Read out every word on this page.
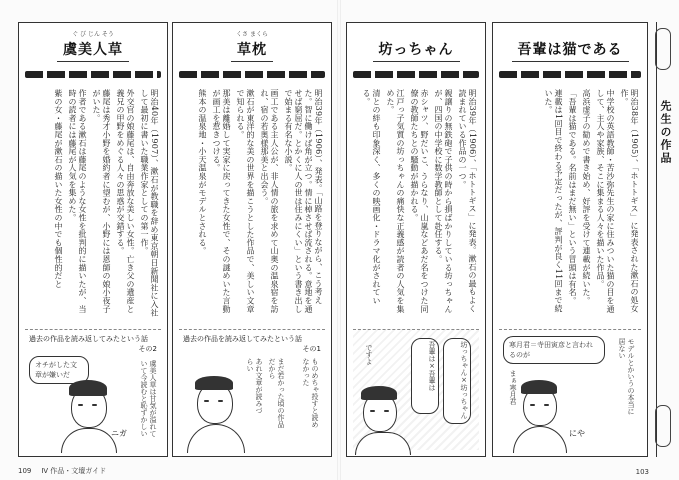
ぐ び じん そう
虞美人草

明治40年（1907）、漱石が教職を辞め東京朝日新聞社に入社して最初に書いた職業作家としての第一作。

外交官の娘藤尾は、自由奔放な美しい女性。亡き父の遺産と義兄の甲野をめぐる人々の思惑が交錯する。

藤尾は秀才小野を婚約者に望むが、小野には恩師の娘小夜子がいた。

作者である漱石は藤尾のような女性を批判的に描いたが、当時の読者には藤尾が人気を集めた。

紫の女・藤尾が漱石の描いた女性の中でも個性的だと

過去の作品を読み返してみたという話
その2
オチがした文章が嫌いだ
ニガ	虞美人草は甘気が溢れていて今読むと恥ずかしい
くさ まくら
草枕

明治39年（1906）、発表。「山路を登りながら、こう考えた。智に働けば角が立つ。情に棹させば流される。意地を通せば窮屈だ。とかくに人の世は住みにくい」という書き出しで始まる有名な小説。

画工である主人公が、非人情の旅を求めて山奥の温泉宿を訪れ、宿の若奥様那美と出会う。

漱石が東洋的な美の世界を描こうとした作品で、美しい文章で知られる。

那美は離婚して実家に戻ってきた女性で、その謎めいた言動が画工を惹きつける。

熊本の温泉地・小天温泉がモデルとされる。

過去の作品を読み返してみたという話
その1
あれ文章が読みづらい	まだ若かった頃の作品だから	ものめちゃ投すと読めなかった
坊っちゃん

明治39年（1906）、「ホトトギス」に発表。漱石の最もよく読まれている作品の一つ。

親譲りの無鉄砲で子供の時から損ばかりしている坊っちゃんが、四国の中学校に数学教師として赴任する。

赤シャツ、野だいこ、うらなり、山嵐などあだ名をつけた同僚の教師たちとの騒動が描かれる。

江戸っ子気質の坊っちゃんの痛快な正義感が読者の人気を集めた。

清との絆も印象深く、多くの映画化・ドラマ化がされている。

坊っちゃん×坊っちゃん
吾輩は×吾輩は
ですよ
吾輩は猫である

明治38年（1905）、「ホトトギス」に発表された漱石の処女作。

中学校の英語教師・苦沙弥先生の家に住みついた猫の目を通して、主人や家族、そこに集まる人々を描いた作品。

高浜虚子の勧めで書き始め、好評を受けて連載が続いた。

「吾輩は猫である。名前はまだ無い」という冒頭は有名。

連載は1回目で終わる予定だったが、評判が良く11回まで続いた。

寒月君＝寺田寅彦と言われるのが	モデルとかいうの本当に居ない
まぁ寒月君
にや
先生の作品
109 Ⅳ 作品・文壇ガイド	103
